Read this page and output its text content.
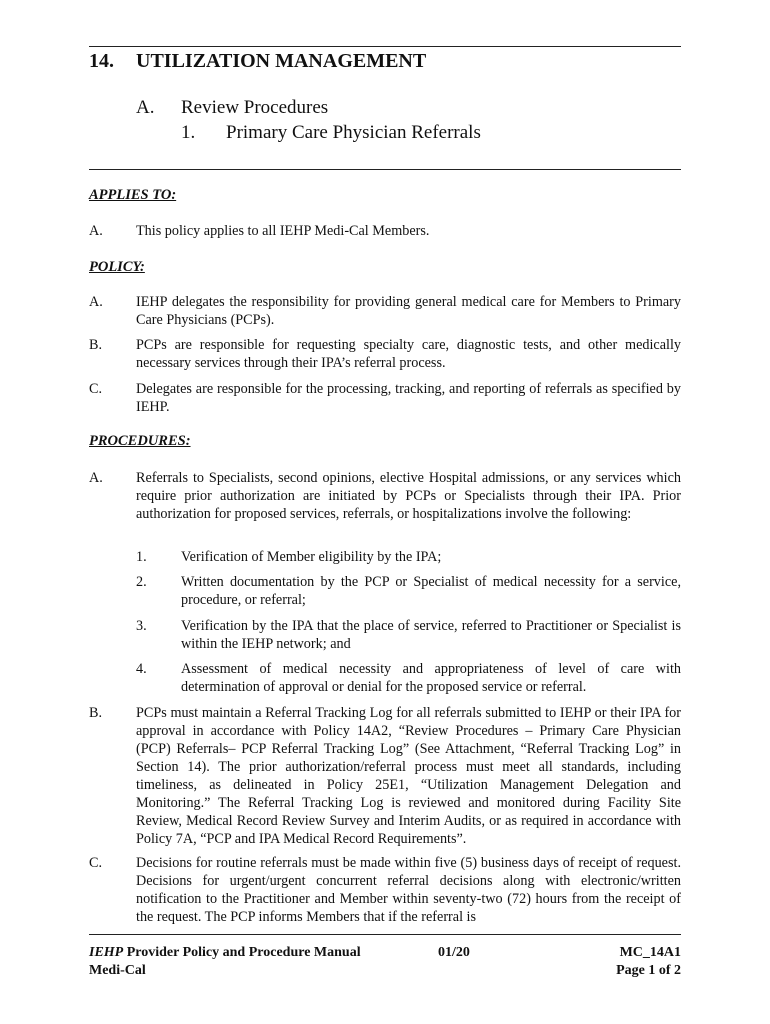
14. UTILIZATION MANAGEMENT
A. Review Procedures
1. Primary Care Physician Referrals
APPLIES TO:
A. This policy applies to all IEHP Medi-Cal Members.
POLICY:
A. IEHP delegates the responsibility for providing general medical care for Members to Primary Care Physicians (PCPs).
B. PCPs are responsible for requesting specialty care, diagnostic tests, and other medically necessary services through their IPA’s referral process.
C. Delegates are responsible for the processing, tracking, and reporting of referrals as specified by IEHP.
PROCEDURES:
A. Referrals to Specialists, second opinions, elective Hospital admissions, or any services which require prior authorization are initiated by PCPs or Specialists through their IPA. Prior authorization for proposed services, referrals, or hospitalizations involve the following:
1. Verification of Member eligibility by the IPA;
2. Written documentation by the PCP or Specialist of medical necessity for a service, procedure, or referral;
3. Verification by the IPA that the place of service, referred to Practitioner or Specialist is within the IEHP network; and
4. Assessment of medical necessity and appropriateness of level of care with determination of approval or denial for the proposed service or referral.
B. PCPs must maintain a Referral Tracking Log for all referrals submitted to IEHP or their IPA for approval in accordance with Policy 14A2, “Review Procedures – Primary Care Physician (PCP) Referrals– PCP Referral Tracking Log” (See Attachment, “Referral Tracking Log” in Section 14). The prior authorization/referral process must meet all standards, including timeliness, as delineated in Policy 25E1, “Utilization Management Delegation and Monitoring.” The Referral Tracking Log is reviewed and monitored during Facility Site Review, Medical Record Review Survey and Interim Audits, or as required in accordance with Policy 7A, “PCP and IPA Medical Record Requirements”.
C. Decisions for routine referrals must be made within five (5) business days of receipt of request. Decisions for urgent/urgent concurrent referral decisions along with electronic/written notification to the Practitioner and Member within seventy-two (72) hours from the receipt of the request. The PCP informs Members that if the referral is
IEHP Provider Policy and Procedure Manual
Medi-Cal
01/20	MC_14A1
Page 1 of 2
